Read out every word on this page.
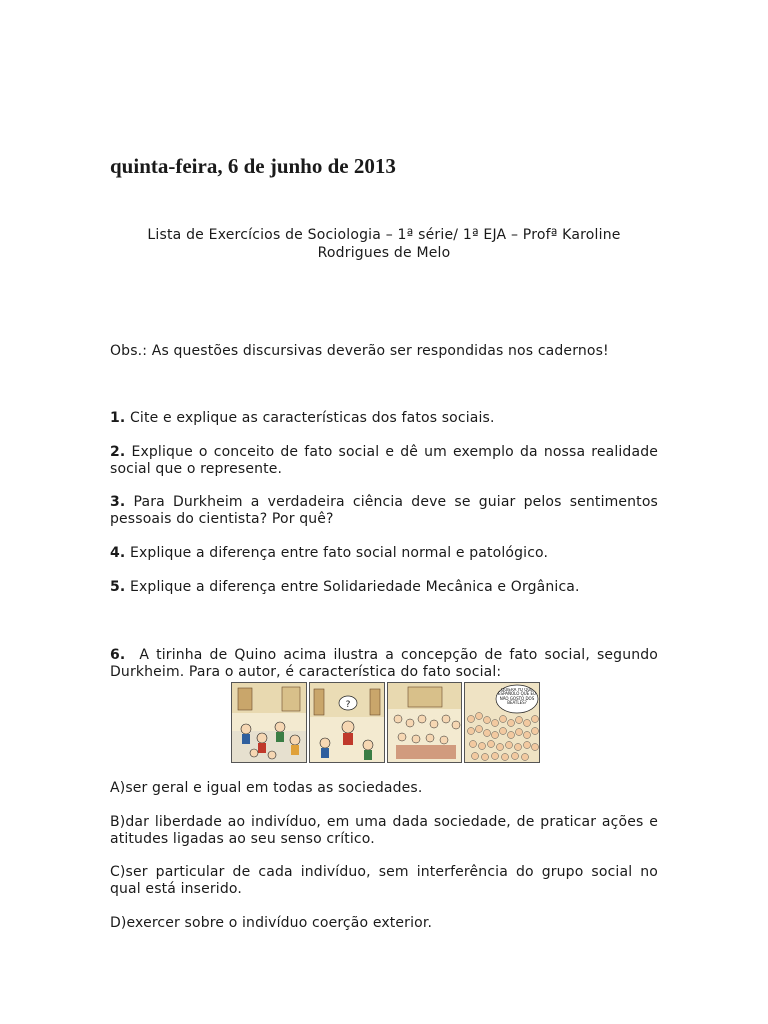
quinta-feira, 6 de junho de 2013

Lista de Exercícios de Sociologia – 1ª série/ 1ª EJA – Profª Karoline Rodrigues de Melo

Obs.: As questões discursivas deverão ser respondidas nos cadernos!

1. Cite e explique as características dos fatos sociais.

2. Explique o conceito de fato social e dê um exemplo da nossa realidade social que o represente.

3. Para Durkheim a verdadeira ciência deve se guiar pelos sentimentos pessoais do cientista? Por quê?

4. Explique a diferença entre fato social normal e patológico.

5. Explique a diferença entre Solidariedade Mecânica e Orgânica.

6. A tirinha de Quino acima ilustra a concepção de fato social, segundo Durkheim. Para o autor, é característica do fato social:

?
QUIERA YO QUE ESPAÑOLO QUE EU NÃO GOSTO DOS BEATLES?

A)ser geral e igual em todas as sociedades.

B)dar liberdade ao indivíduo, em uma dada sociedade, de praticar ações e atitudes ligadas ao seu senso crítico.

C)ser particular de cada indivíduo, sem interferência do grupo social no qual está inserido.

D)exercer sobre o indivíduo coerção exterior.
